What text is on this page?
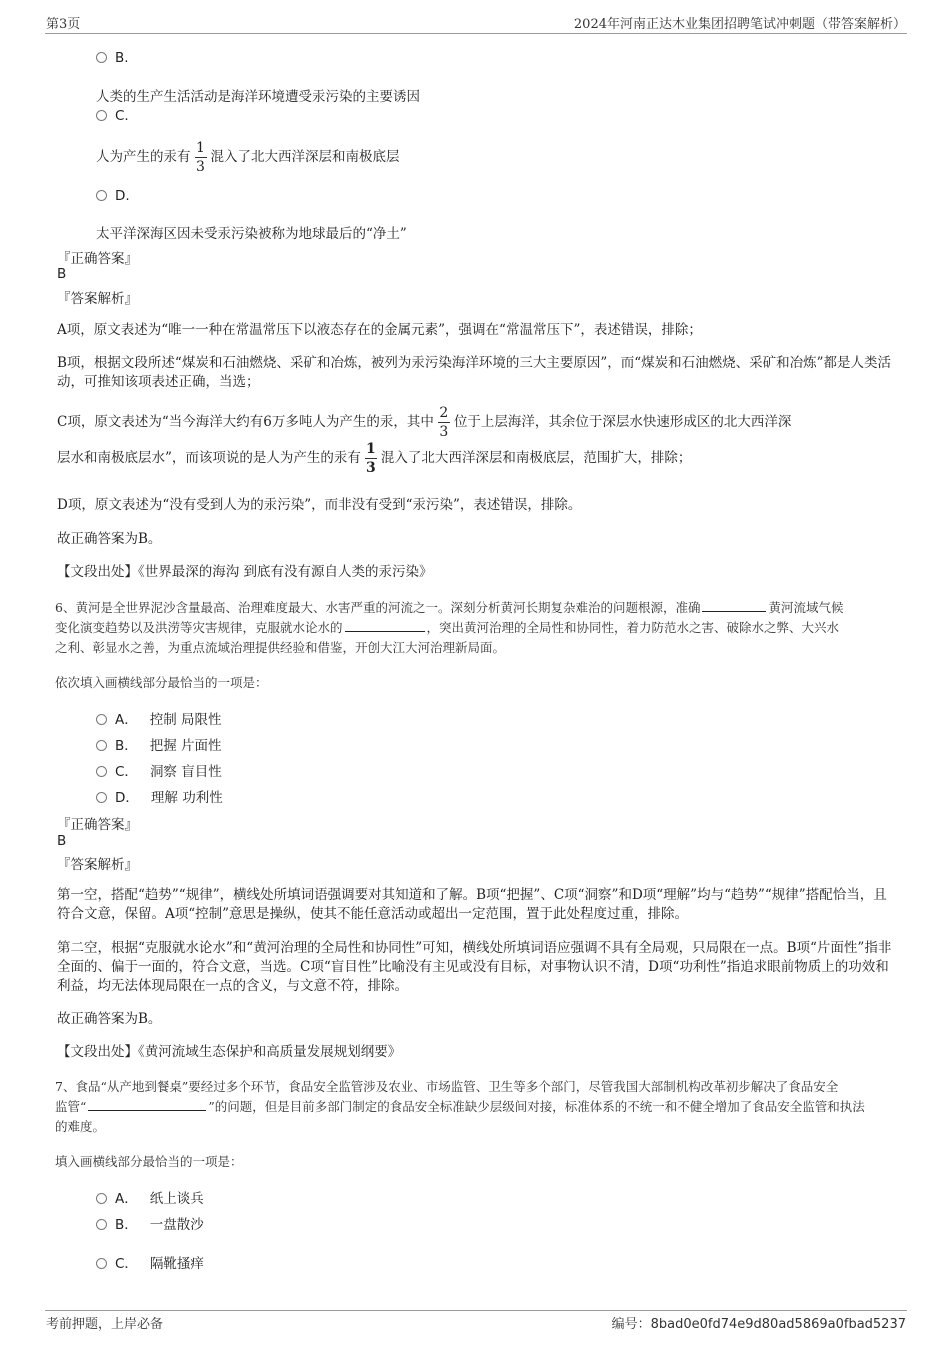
第3页	2024年河南正达木业集团招聘笔试冲刺题（带答案解析）
B.
人类的生产生活活动是海洋环境遭受汞污染的主要诱因
C.
人为产生的汞有 $\frac{1}{3}$ 混入了北大西洋深层和南极底层
D.
太平洋深海区因未受汞污染被称为地球最后的“净土”
『正确答案』
B
『答案解析』
A项，原文表述为“唯一一种在常温常压下以液态存在的金属元素”，强调在“常温常压下”，表述错误，排除；
B项，根据文段所述“煤炭和石油燃烧、采矿和冶炼，被列为汞污染海洋环境的三大主要原因”，而“煤炭和石油燃烧、采矿和冶炼”都是人类活动，可推知该项表述正确，当选；
C项，原文表述为“当今海洋大约有6万多吨人为产生的汞，其中 $\frac{2}{3}$ 位于上层海洋，其余位于深层水快速形成区的北大西洋深
层水和南极底层水”，而该项说的是人为产生的汞有 $\frac{1}{3}$ 混入了北大西洋深层和南极底层，范围扩大，排除；
D项，原文表述为“没有受到人为的汞污染”，而非没有受到“汞污染”，表述错误，排除。
故正确答案为B。
【文段出处】《世界最深的海沟 到底有没有源自人类的汞污染》
6、黄河是全世界泥沙含量最高、治理难度最大、水害严重的河流之一。深刻分析黄河长期复杂难治的问题根源，准确	黄河流域气候
变化演变趋势以及洪涝等灾害规律，克服就水论水的	，突出黄河治理的全局性和协同性，着力防范水之害、破除水之弊、大兴水
之利、彰显水之善，为重点流域治理提供经验和借鉴，开创大江大河治理新局面。
依次填入画横线部分最恰当的一项是：
A． 控制 局限性
B． 把握 片面性
C． 洞察 盲目性
D． 理解 功利性
『正确答案』
B
『答案解析』
第一空，搭配“趋势”“规律”，横线处所填词语强调要对其知道和了解。B项“把握”、C项“洞察”和D项“理解”均与“趋势”“规律”搭配恰当，且符合文意，保留。A项“控制”意思是操纵，使其不能任意活动或超出一定范围，置于此处程度过重，排除。
第二空，根据“克服就水论水”和“黄河治理的全局性和协同性”可知，横线处所填词语应强调不具有全局观，只局限在一点。B项“片面性”指非全面的、偏于一面的，符合文意，当选。C项“盲目性”比喻没有主见或没有目标，对事物认识不清，D项“功利性”指追求眼前物质上的功效和利益，均无法体现局限在一点的含义，与文意不符，排除。
故正确答案为B。
【文段出处】《黄河流域生态保护和高质量发展规划纲要》
7、食品“从产地到餐桌”要经过多个环节，食品安全监管涉及农业、市场监管、卫生等多个部门，尽管我国大部制机构改革初步解决了食品安全
监管“	”的问题，但是目前多部门制定的食品安全标准缺少层级间对接，标准体系的不统一和不健全增加了食品安全监管和执法
的难度。
填入画横线部分最恰当的一项是：
A． 纸上谈兵
B． 一盘散沙
C． 隔靴搔痒
考前押题，上岸必备	编号：8bad0e0fd74e9d80ad5869a0fbad5237
